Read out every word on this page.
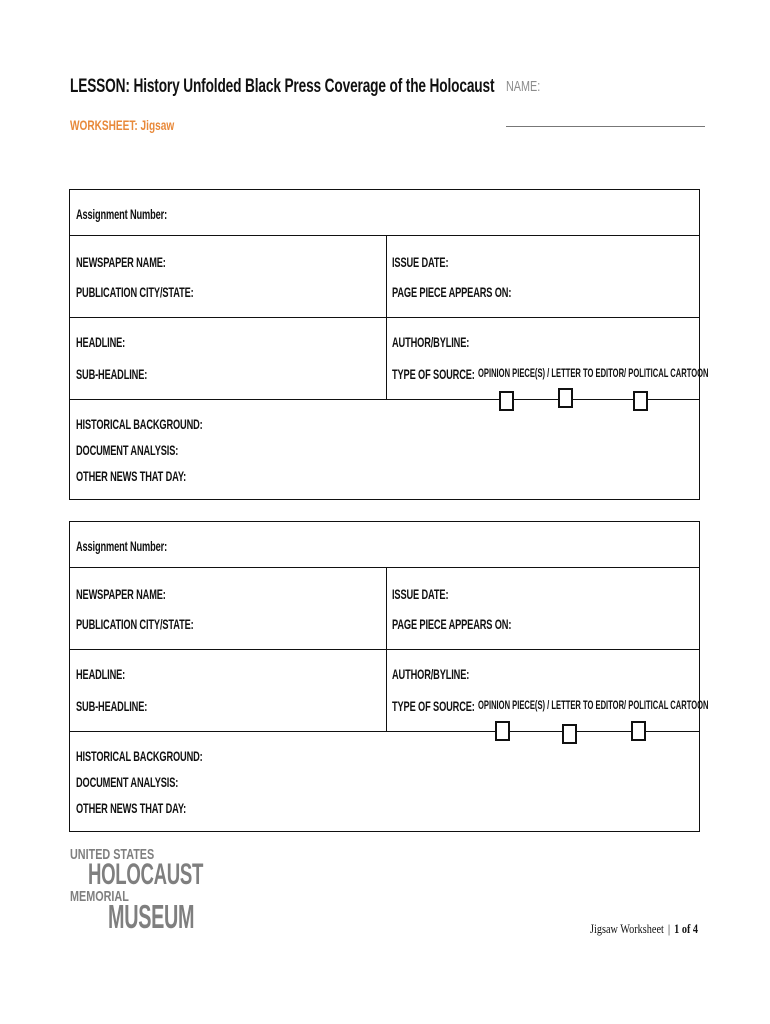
LESSON: History Unfolded Black Press Coverage of the Holocaust
WORKSHEET: Jigsaw
NAME:
Assignment Number:
NEWSPAPER NAME:
PUBLICATION CITY/STATE:
ISSUE DATE:
PAGE PIECE APPEARS ON:
HEADLINE:
SUB-HEADLINE:
AUTHOR/BYLINE:
TYPE OF SOURCE: OPINION PIECE(S) / LETTER TO EDITOR/ POLITICAL CARTOON
HISTORICAL BACKGROUND:
DOCUMENT ANALYSIS:
OTHER NEWS THAT DAY:
Assignment Number:
NEWSPAPER NAME:
PUBLICATION CITY/STATE:
ISSUE DATE:
PAGE PIECE APPEARS ON:
HEADLINE:
SUB-HEADLINE:
AUTHOR/BYLINE:
TYPE OF SOURCE: OPINION PIECE(S) / LETTER TO EDITOR/ POLITICAL CARTOON
HISTORICAL BACKGROUND:
DOCUMENT ANALYSIS:
OTHER NEWS THAT DAY:
UNITED STATES
HOLOCAUST
MEMORIAL
MUSEUM	Jigsaw Worksheet | 1 of 4
